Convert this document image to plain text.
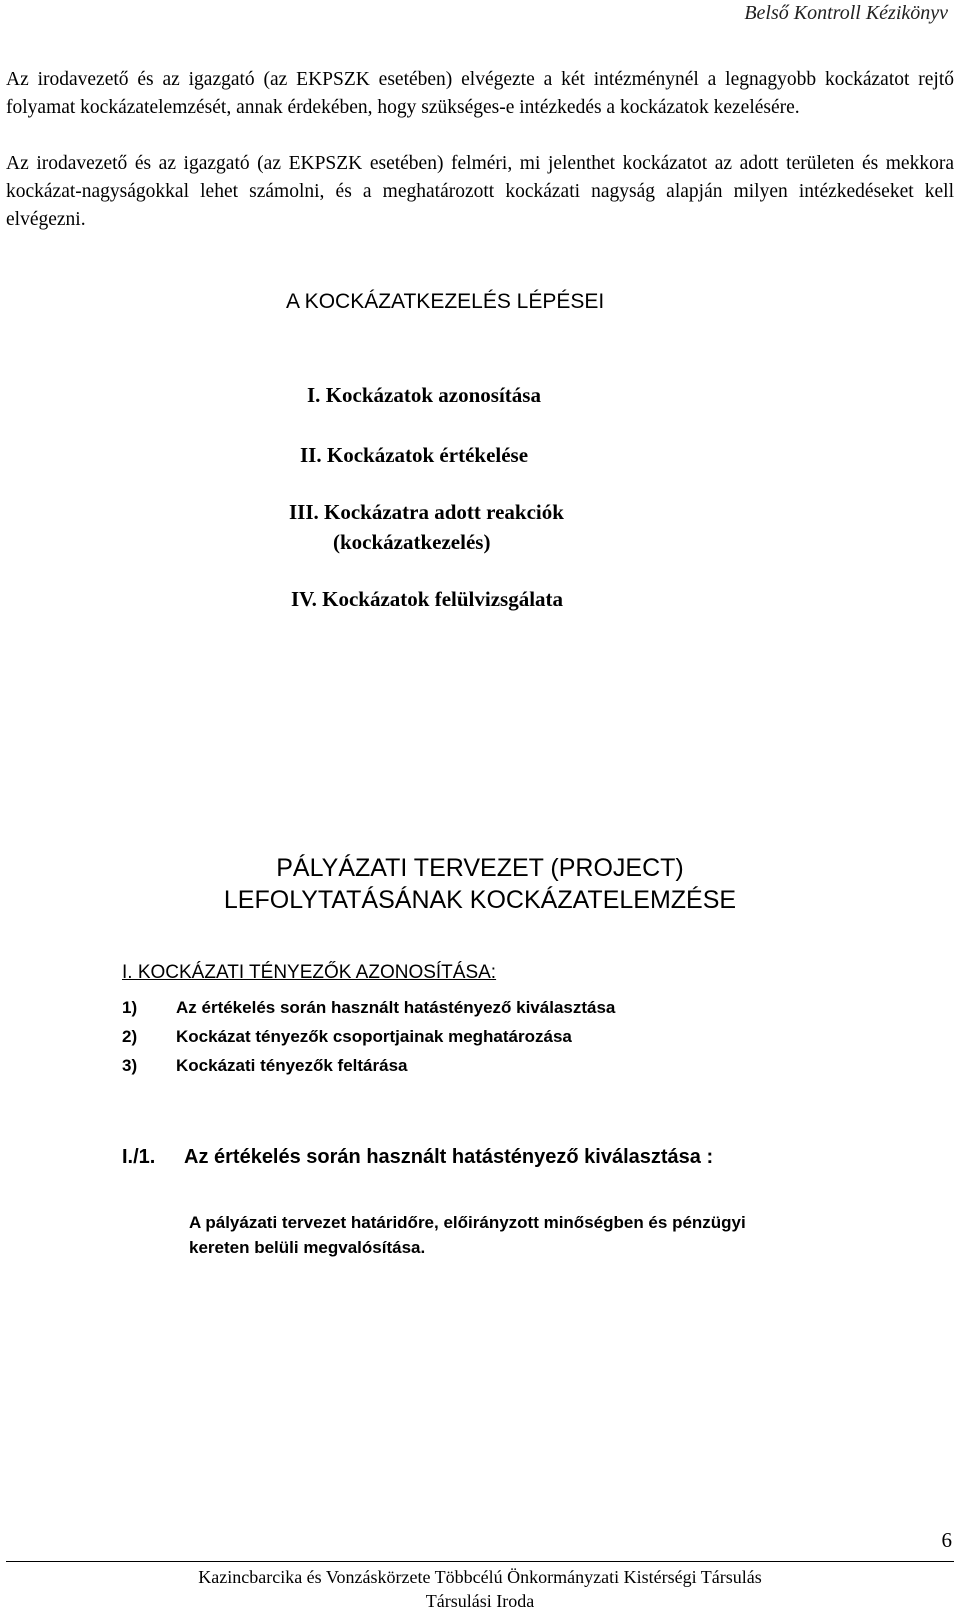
Belső Kontroll Kézikönyv

Az irodavezető és az igazgató (az EKPSZK esetében) elvégezte a két intézménynél a legnagyobb kockázatot rejtő folyamat kockázatelemzését, annak érdekében, hogy szükséges-e intézkedés a kockázatok kezelésére.

Az irodavezető és az igazgató (az EKPSZK esetében) felméri, mi jelenthet kockázatot az adott területen és mekkora kockázat-nagyságokkal lehet számolni, és a meghatározott kockázati nagyság alapján milyen intézkedéseket kell elvégezni.

A KOCKÁZATKEZELÉS LÉPÉSEI
I. Kockázatok azonosítása
II. Kockázatok értékelése
III. Kockázatra adott reakciók
(kockázatkezelés)
IV. Kockázatok felülvizsgálata
PÁLYÁZATI TERVEZET (PROJECT)
LEFOLYTATÁSÁNAK KOCKÁZATELEMZÉSE
I. KOCKÁZATI TÉNYEZŐK AZONOSÍTÁSA:
1) Az értékelés során használt hatástényező kiválasztása
2) Kockázat tényezők csoportjainak meghatározása
3) Kockázati tényezők feltárása
I./1. Az értékelés során használt hatástényező kiválasztása :
A pályázati tervezet határidőre, előirányzott minőségben és pénzügyi kereten belüli megvalósítása.
6
Kazincbarcika és Vonzáskörzete Többcélú Önkormányzati Kistérségi Társulás
Társulási Iroda
